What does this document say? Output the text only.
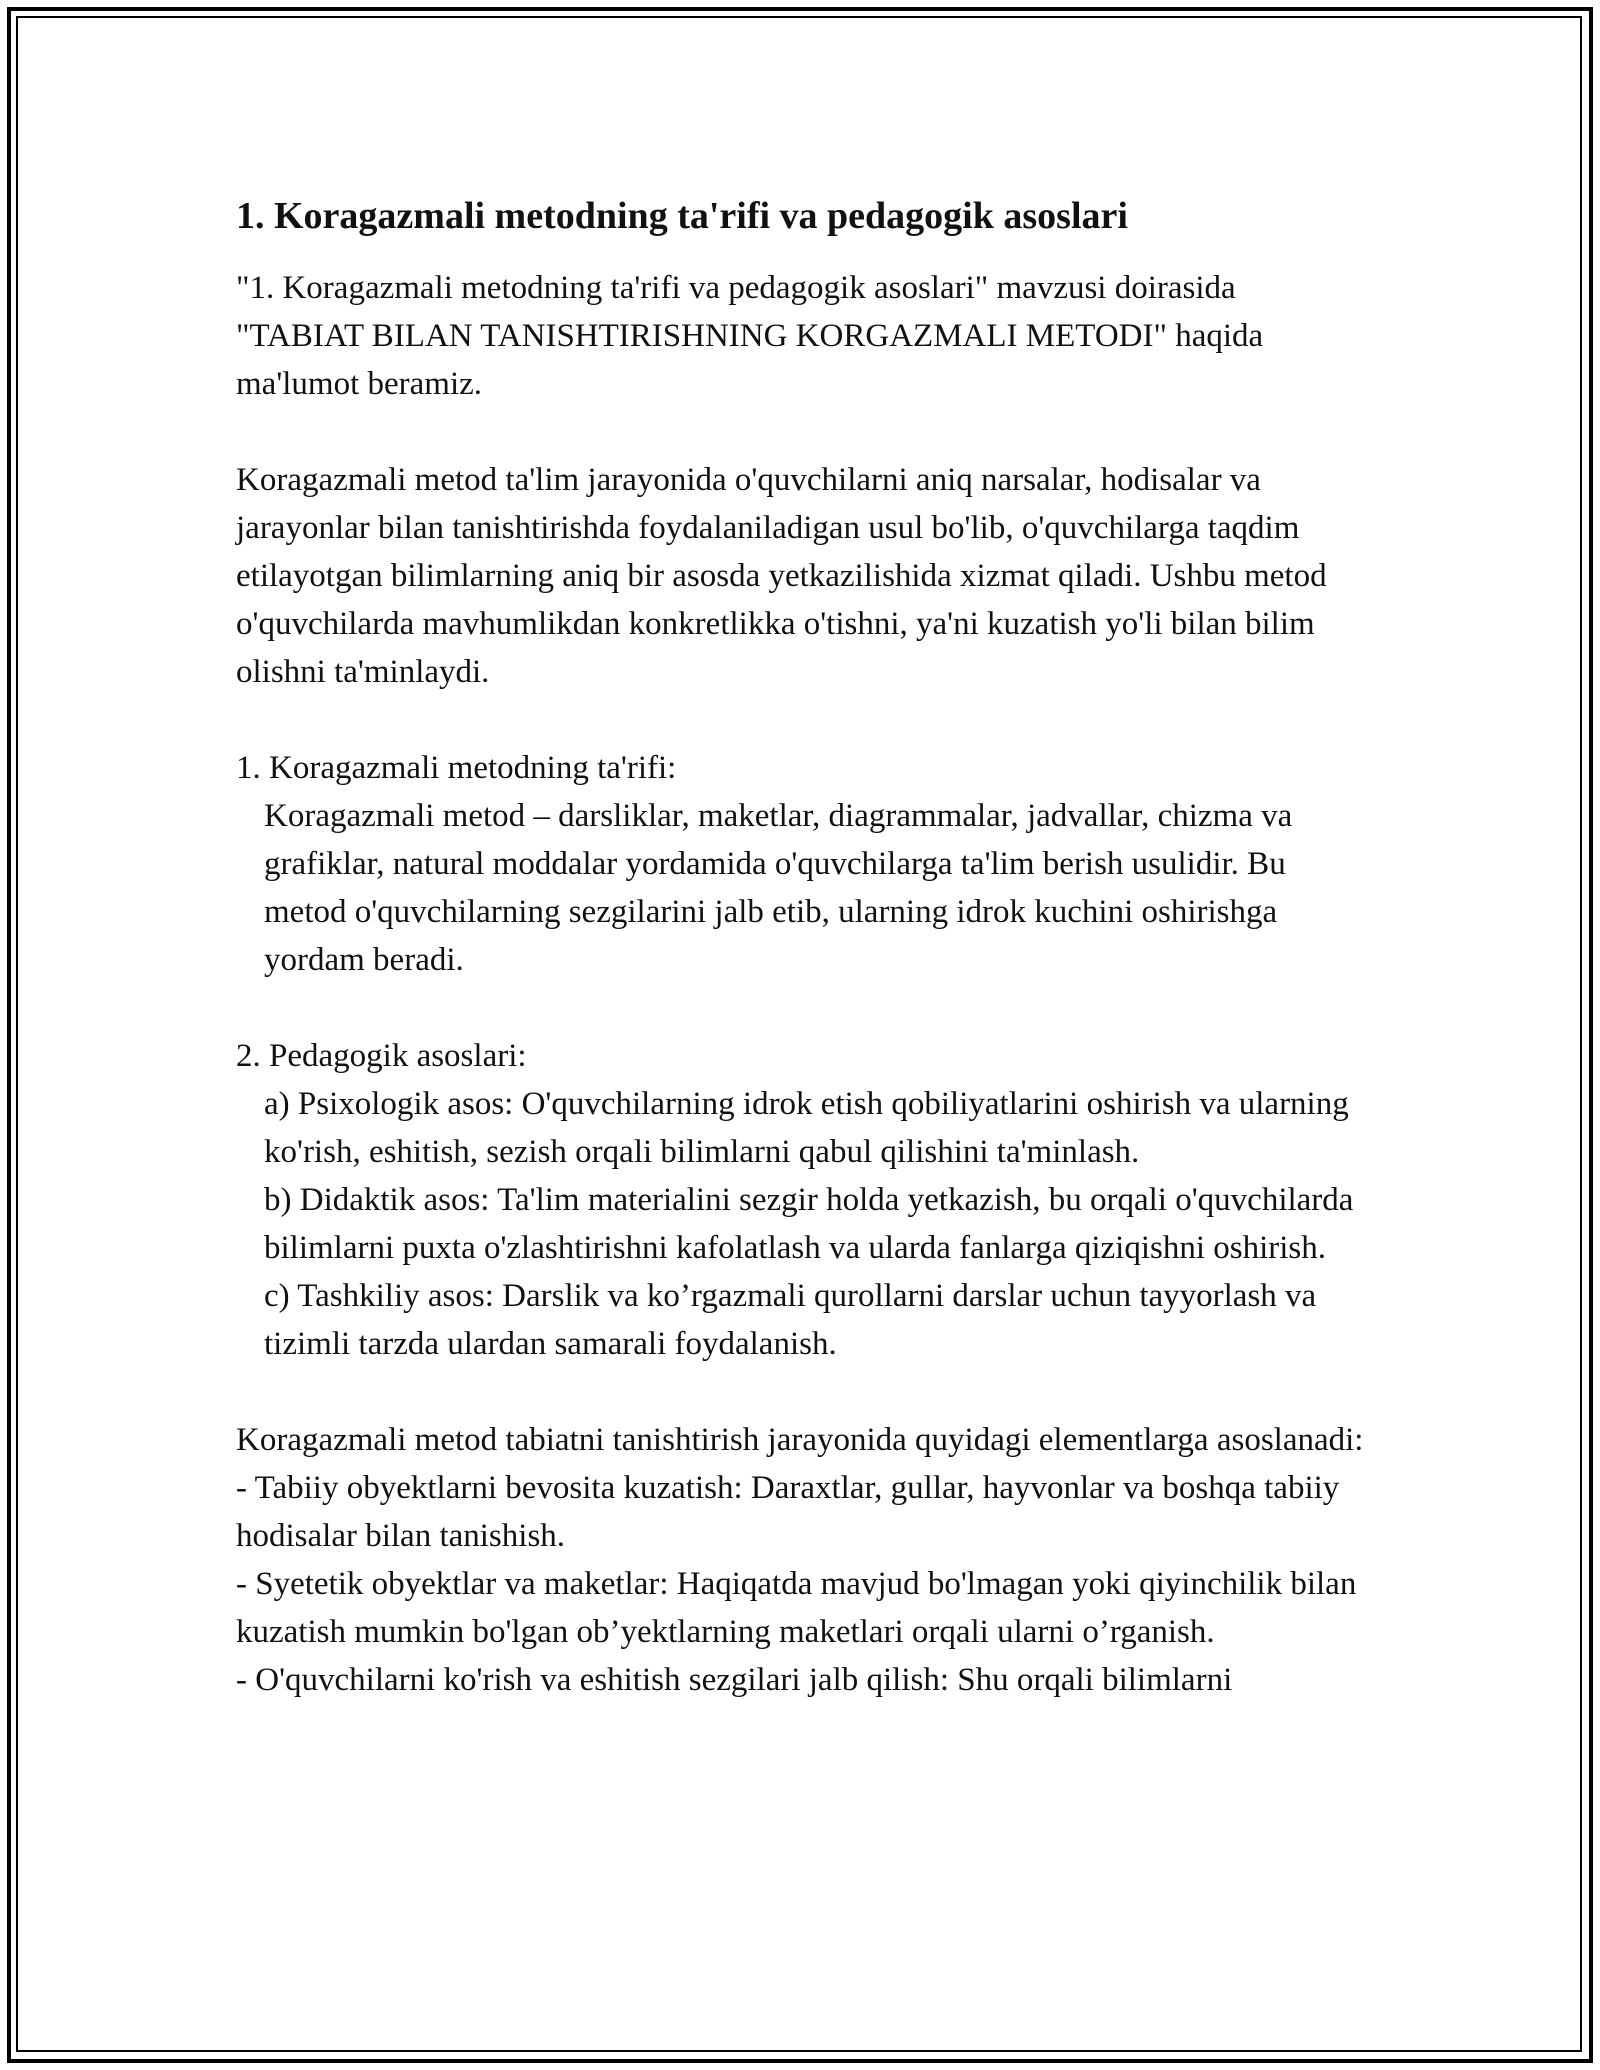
1. Koragazmali metodning ta'rifi va pedagogik asoslari

"1. Koragazmali metodning ta'rifi va pedagogik asoslari" mavzusi doirasida "TABIAT BILAN TANISHTIRISHNING KORGAZMALI METODI" haqida ma'lumot beramiz.

Koragazmali metod ta'lim jarayonida o'quvchilarni aniq narsalar, hodisalar va jarayonlar bilan tanishtirishda foydalaniladigan usul bo'lib, o'quvchilarga taqdim etilayotgan bilimlarning aniq bir asosda yetkazilishida xizmat qiladi. Ushbu metod o'quvchilarda mavhumlikdan konkretlikka o'tishni, ya'ni kuzatish yo'li bilan bilim olishni ta'minlaydi.

1. Koragazmali metodning ta'rifi:
Koragazmali metod – darsliklar, maketlar, diagrammalar, jadvallar, chizma va grafiklar, natural moddalar yordamida o'quvchilarga ta'lim berish usulidir. Bu metod o'quvchilarning sezgilarini jalb etib, ularning idrok kuchini oshirishga yordam beradi.

2. Pedagogik asoslari:
a) Psixologik asos: O'quvchilarning idrok etish qobiliyatlarini oshirish va ularning ko'rish, eshitish, sezish orqali bilimlarni qabul qilishini ta'minlash.
b) Didaktik asos: Ta'lim materialini sezgir holda yetkazish, bu orqali o'quvchilarda bilimlarni puxta o'zlashtirishni kafolatlash va ularda fanlarga qiziqishni oshirish.
c) Tashkiliy asos: Darslik va ko’rgazmali qurollarni darslar uchun tayyorlash va tizimli tarzda ulardan samarali foydalanish.

Koragazmali metod tabiatni tanishtirish jarayonida quyidagi elementlarga asoslanadi:
- Tabiiy obyektlarni bevosita kuzatish: Daraxtlar, gullar, hayvonlar va boshqa tabiiy hodisalar bilan tanishish.
- Syetetik obyektlar va maketlar: Haqiqatda mavjud bo'lmagan yoki qiyinchilik bilan kuzatish mumkin bo'lgan ob’yektlarning maketlari orqali ularni o’rganish.
- O'quvchilarni ko'rish va eshitish sezgilari jalb qilish: Shu orqali bilimlarni
